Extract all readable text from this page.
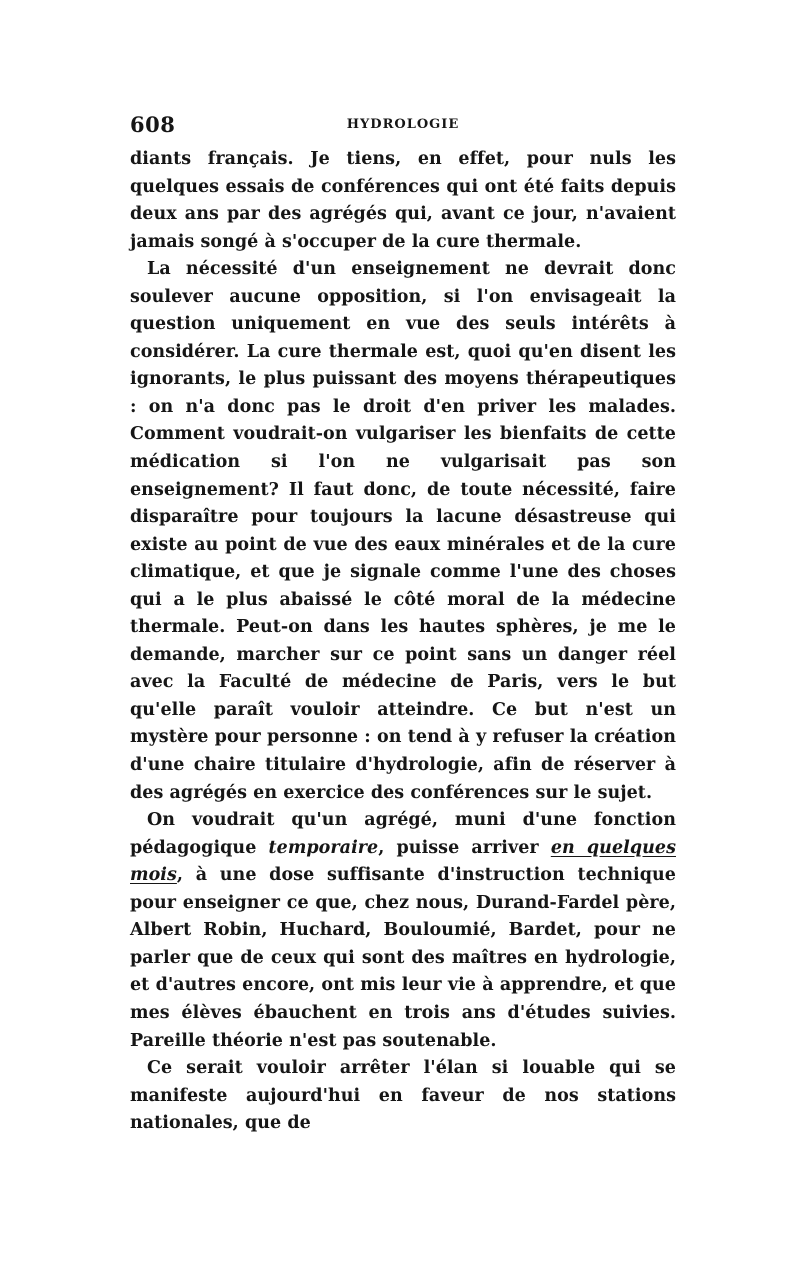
608	HYDROLOGIE

diants français. Je tiens, en effet, pour nuls les quelques essais de conférences qui ont été faits depuis deux ans par des agrégés qui, avant ce jour, n'avaient jamais songé à s'occuper de la cure thermale.

La nécessité d'un enseignement ne devrait donc soulever aucune opposition, si l'on envisageait la question uniquement en vue des seuls intérêts à considérer. La cure thermale est, quoi qu'en disent les ignorants, le plus puissant des moyens thérapeutiques : on n'a donc pas le droit d'en priver les malades. Comment voudrait-on vulgariser les bienfaits de cette médication si l'on ne vulgarisait pas son enseignement? Il faut donc, de toute nécessité, faire disparaître pour toujours la lacune désastreuse qui existe au point de vue des eaux minérales et de la cure climatique, et que je signale comme l'une des choses qui a le plus abaissé le côté moral de la médecine thermale. Peut-on dans les hautes sphères, je me le demande, marcher sur ce point sans un danger réel avec la Faculté de médecine de Paris, vers le but qu'elle paraît vouloir atteindre. Ce but n'est un mystère pour personne : on tend à y refuser la création d'une chaire titulaire d'hydrologie, afin de réserver à des agrégés en exercice des conférences sur le sujet.

On voudrait qu'un agrégé, muni d'une fonction pédagogique temporaire, puisse arriver en quelques mois, à une dose suffisante d'instruction technique pour enseigner ce que, chez nous, Durand-Fardel père, Albert Robin, Huchard, Bouloumié, Bardet, pour ne parler que de ceux qui sont des maîtres en hydrologie, et d'autres encore, ont mis leur vie à apprendre, et que mes élèves ébauchent en trois ans d'études suivies. Pareille théorie n'est pas soutenable.

Ce serait vouloir arrêter l'élan si louable qui se manifeste aujourd'hui en faveur de nos stations nationales, que de
